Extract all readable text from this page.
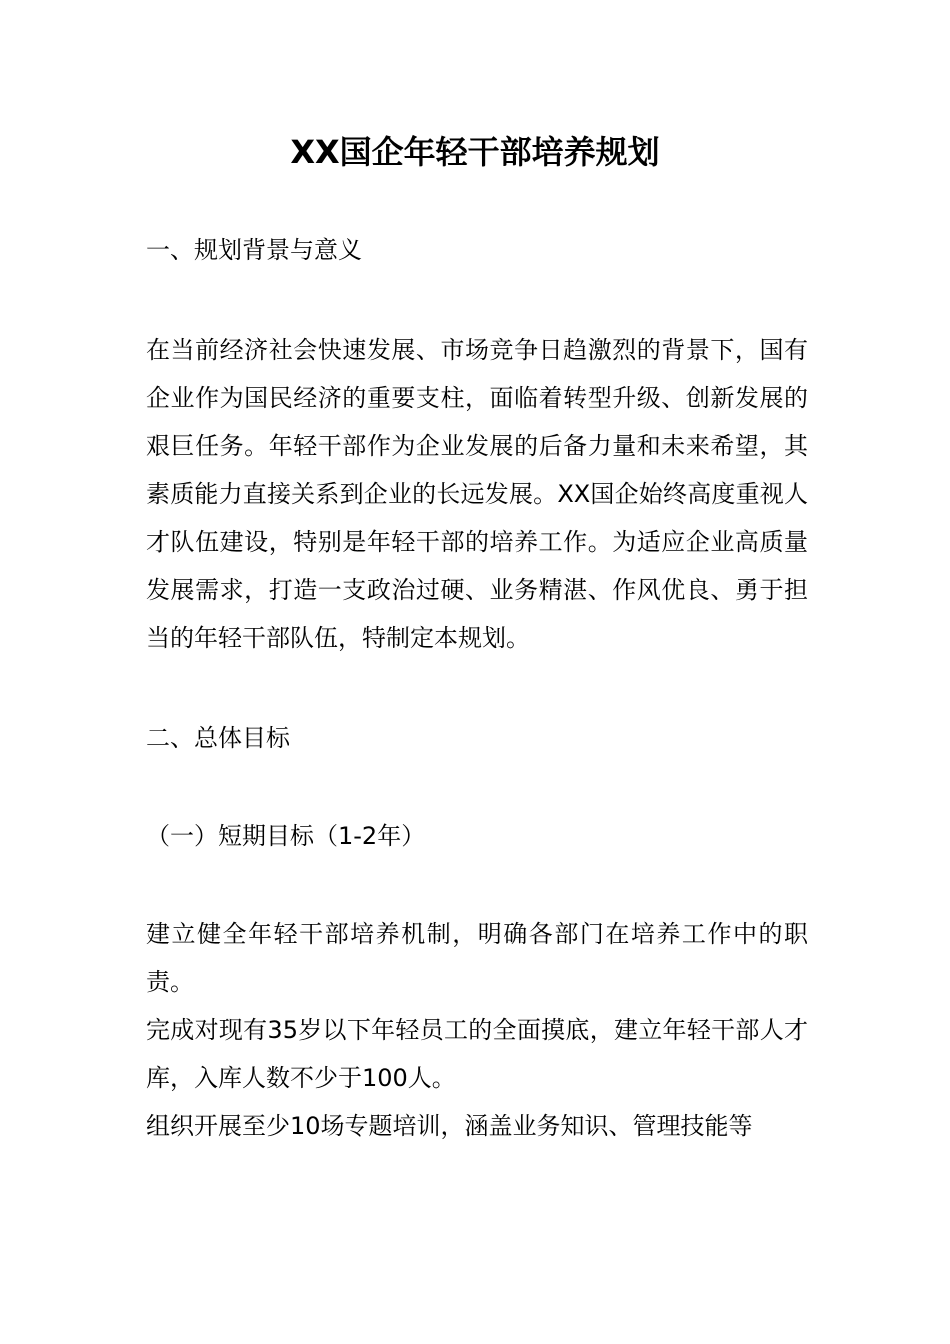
XX国企年轻干部培养规划
一、规划背景与意义

在当前经济社会快速发展、市场竞争日趋激烈的背景下，国有企业作为国民经济的重要支柱，面临着转型升级、创新发展的艰巨任务。年轻干部作为企业发展的后备力量和未来希望，其素质能力直接关系到企业的长远发展。XX国企始终高度重视人才队伍建设，特别是年轻干部的培养工作。为适应企业高质量发展需求，打造一支政治过硬、业务精湛、作风优良、勇于担当的年轻干部队伍，特制定本规划。

二、总体目标
（一）短期目标（1-2年）

建立健全年轻干部培养机制，明确各部门在培养工作中的职责。

完成对现有35岁以下年轻员工的全面摸底，建立年轻干部人才库，入库人数不少于100人。

组织开展至少10场专题培训，涵盖业务知识、管理技能等
